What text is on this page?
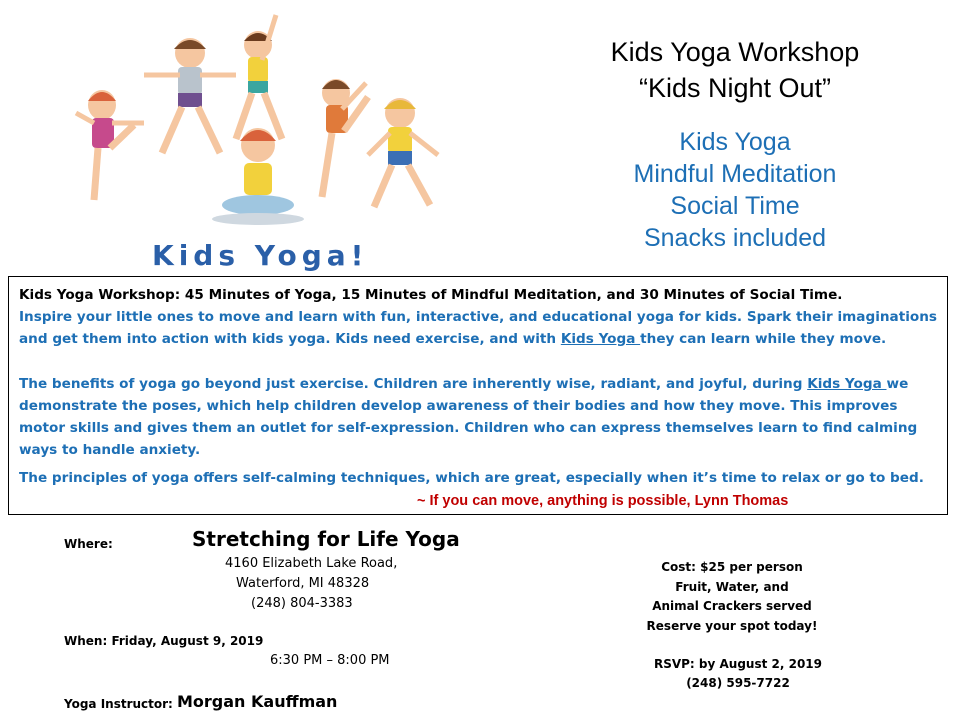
Kids Yoga!
Kids Yoga Workshop
“Kids Night Out”
Kids Yoga
Mindful Meditation
Social Time
Snacks included

Kids Yoga Workshop: 45 Minutes of Yoga, 15 Minutes of Mindful Meditation, and 30 Minutes of Social Time.

Inspire your little ones to move and learn with fun, interactive, and educational yoga for kids. Spark their imaginations

and get them into action with kids yoga. Kids need exercise, and with Kids Yoga they can learn while they move.

The benefits of yoga go beyond just exercise. Children are inherently wise, radiant, and joyful, during Kids Yoga we

demonstrate the poses, which help children develop awareness of their bodies and how they move. This improves

motor skills and gives them an outlet for self-expression. Children who can express themselves learn to find calming

ways to handle anxiety.

The principles of yoga offers self-calming techniques, which are great, especially when it’s time to relax or go to bed.

~ If you can move, anything is possible, Lynn Thomas

Where:	Stretching for Life Yoga
4160 Elizabeth Lake Road,
Waterford, MI 48328
(248) 804-3383
When: Friday, August 9, 2019
6:30 PM – 8:00 PM
Yoga Instructor: Morgan Kauffman
Cost: $25 per person
Fruit, Water, and
Animal Crackers served
Reserve your spot today!
RSVP: by August 2, 2019
(248) 595-7722
